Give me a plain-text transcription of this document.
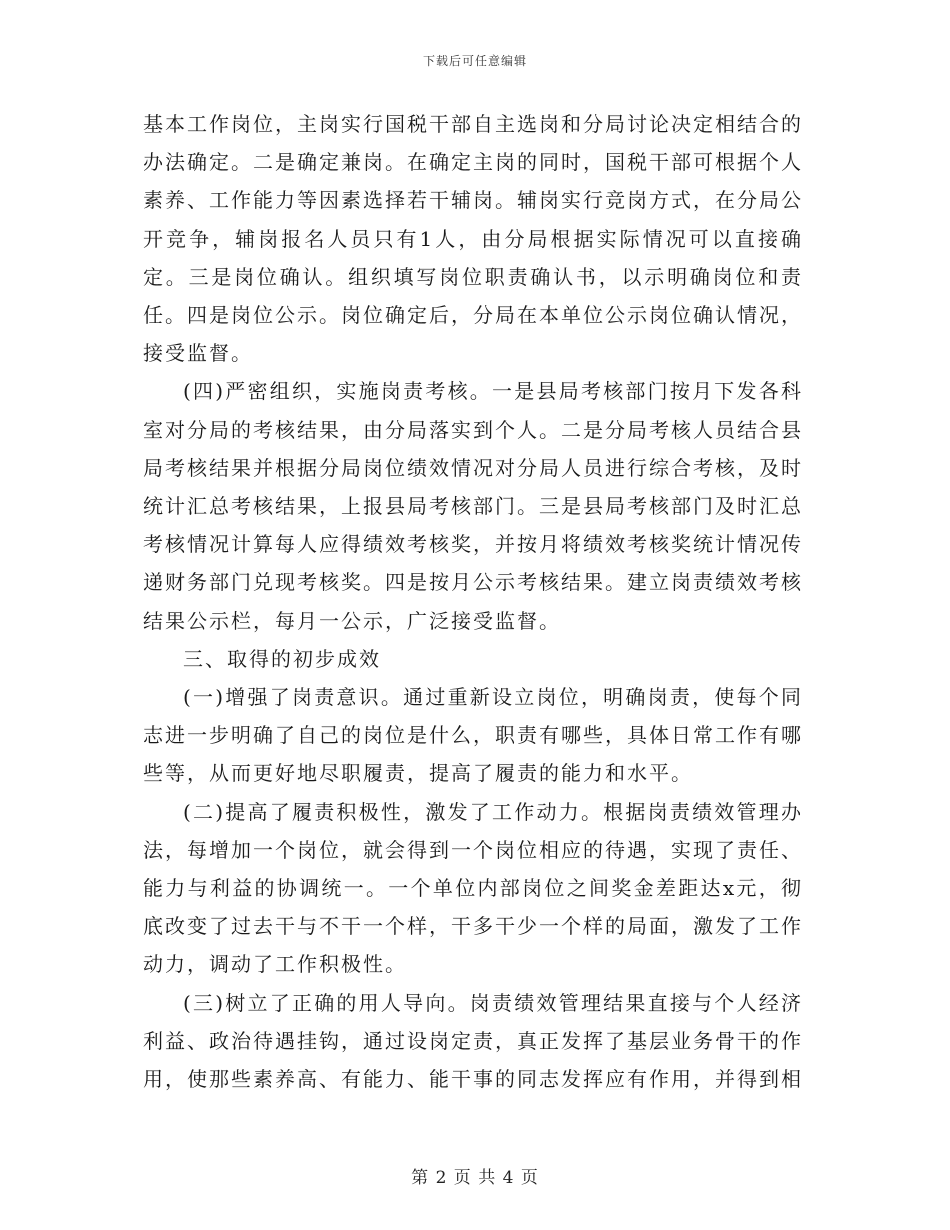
下载后可任意编辑

基本工作岗位，主岗实行国税干部自主选岗和分局讨论决定相结合的办法确定。二是确定兼岗。在确定主岗的同时，国税干部可根据个人素养、工作能力等因素选择若干辅岗。辅岗实行竞岗方式，在分局公开竞争，辅岗报名人员只有1人，由分局根据实际情况可以直接确定。三是岗位确认。组织填写岗位职责确认书，以示明确岗位和责任。四是岗位公示。岗位确定后，分局在本单位公示岗位确认情况，接受监督。

(四)严密组织，实施岗责考核。一是县局考核部门按月下发各科室对分局的考核结果，由分局落实到个人。二是分局考核人员结合县局考核结果并根据分局岗位绩效情况对分局人员进行综合考核，及时统计汇总考核结果，上报县局考核部门。三是县局考核部门及时汇总考核情况计算每人应得绩效考核奖，并按月将绩效考核奖统计情况传递财务部门兑现考核奖。四是按月公示考核结果。建立岗责绩效考核结果公示栏，每月一公示，广泛接受监督。

三、取得的初步成效

(一)增强了岗责意识。通过重新设立岗位，明确岗责，使每个同志进一步明确了自己的岗位是什么，职责有哪些，具体日常工作有哪些等，从而更好地尽职履责，提高了履责的能力和水平。

(二)提高了履责积极性，激发了工作动力。根据岗责绩效管理办法，每增加一个岗位，就会得到一个岗位相应的待遇，实现了责任、能力与利益的协调统一。一个单位内部岗位之间奖金差距达x元，彻底改变了过去干与不干一个样，干多干少一个样的局面，激发了工作动力，调动了工作积极性。

(三)树立了正确的用人导向。岗责绩效管理结果直接与个人经济利益、政治待遇挂钩，通过设岗定责，真正发挥了基层业务骨干的作用，使那些素养高、有能力、能干事的同志发挥应有作用，并得到相

第 2 页 共 4 页
